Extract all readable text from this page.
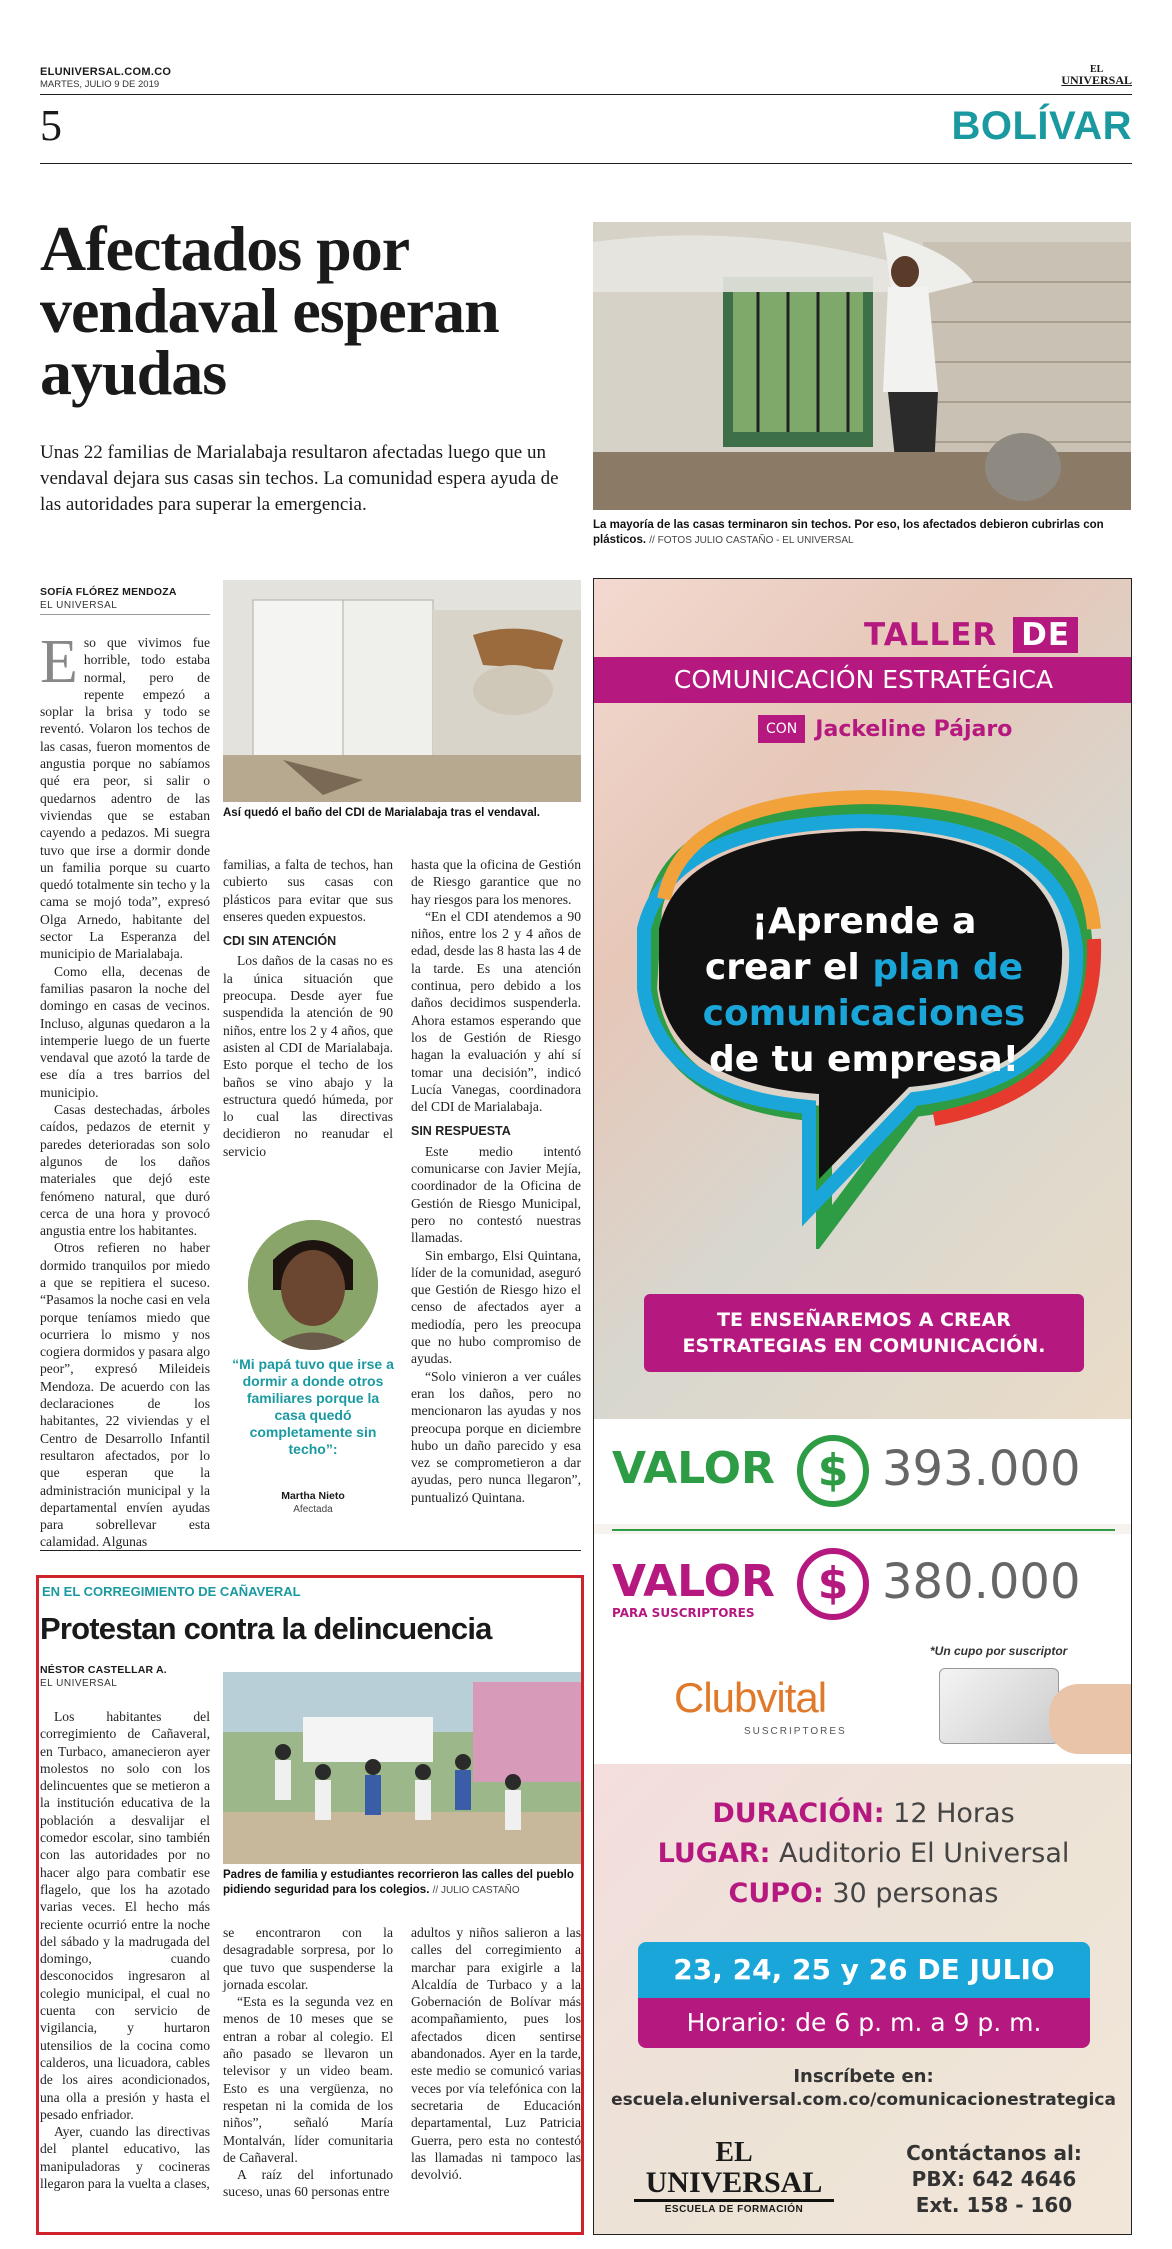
ELUNIVERSAL.COM.CO
MARTES, JULIO 9 DE 2019
EL
UNIVERSAL
5	BOLÍVAR
Afectados por vendaval esperan ayudas
Unas 22 familias de Marialabaja resultaron afectadas luego que un vendaval dejara sus casas sin techos. La comunidad espera ayuda de las autoridades para superar la emergencia.
La mayoría de las casas terminaron sin techos. Por eso, los afectados debieron cubrirlas con plásticos. // FOTOS JULIO CASTAÑO - EL UNIVERSAL
SOFÍA FLÓREZ MENDOZA
EL UNIVERSAL
E so que vivimos fue horrible, todo estaba normal, pero de repente empezó a soplar la brisa y todo se reventó. Volaron los techos de las casas, fueron momentos de angustia porque no sabíamos qué era peor, si salir o quedarnos adentro de las viviendas que se estaban cayendo a pedazos. Mi suegra tuvo que irse a dormir donde un familia porque su cuarto quedó totalmente sin techo y la cama se mojó toda”, expresó Olga Arnedo, habitante del sector La Esperanza del municipio de Marialabaja.

Como ella, decenas de familias pasaron la noche del domingo en casas de vecinos. Incluso, algunas quedaron a la intemperie luego de un fuerte vendaval que azotó la tarde de ese día a tres barrios del municipio.

Casas destechadas, árboles caídos, pedazos de eternit y paredes deterioradas son solo algunos de los daños materiales que dejó este fenómeno natural, que duró cerca de una hora y provocó angustia entre los habitantes.

Otros refieren no haber dormido tranquilos por miedo a que se repitiera el suceso. “Pasamos la noche casi en vela porque teníamos miedo que ocurriera lo mismo y nos cogiera dormidos y pasara algo peor”, expresó Mileideis Mendoza. De acuerdo con las declaraciones de los habitantes, 22 viviendas y el Centro de Desarrollo Infantil resultaron afectados, por lo que esperan que la administración municipal y la departamental envíen ayudas para sobrellevar esta calamidad. Algunas

Así quedó el baño del CDI de Marialabaja tras el vendaval.
familias, a falta de techos, han cubierto sus casas con plásticos para evitar que sus enseres queden expuestos.
CDI SIN ATENCIÓN

Los daños de la casas no es la única situación que preocupa. Desde ayer fue suspendida la atención de 90 niños, entre los 2 y 4 años, que asisten al CDI de Marialabaja. Esto porque el techo de los baños se vino abajo y la estructura quedó húmeda, por lo cual las directivas decidieron no reanudar el servicio

hasta que la oficina de Gestión de Riesgo garantice que no hay riesgos para los menores.

“En el CDI atendemos a 90 niños, entre los 2 y 4 años de edad, desde las 8 hasta las 4 de la tarde. Es una atención continua, pero debido a los daños decidimos suspenderla. Ahora estamos esperando que los de Gestión de Riesgo hagan la evaluación y ahí sí tomar una decisión”, indicó Lucía Vanegas, coordinadora del CDI de Marialabaja.

SIN RESPUESTA

Este medio intentó comunicarse con Javier Mejía, coordinador de la Oficina de Gestión de Riesgo Municipal, pero no contestó nuestras llamadas.

Sin embargo, Elsi Quintana, líder de la comunidad, aseguró que Gestión de Riesgo hizo el censo de afectados ayer a mediodía, pero les preocupa que no hubo compromiso de ayudas.

“Solo vinieron a ver cuáles eran los daños, pero no mencionaron las ayudas y nos preocupa porque en diciembre hubo un daño parecido y esa vez se comprometieron a dar ayudas, pero nunca llegaron”, puntualizó Quintana.

“Mi papá tuvo que irse a dormir a donde otros familiares porque la casa quedó completamente sin techo”:
Martha Nieto
Afectada
EN EL CORREGIMIENTO DE CAÑAVERAL
Protestan contra la delincuencia
NÉSTOR CASTELLAR A.
EL UNIVERSAL

Los habitantes del corregimiento de Cañaveral, en Turbaco, amanecieron ayer molestos no solo con los delincuentes que se metieron a la institución educativa de la población a desvalijar el comedor escolar, sino también con las autoridades por no hacer algo para combatir ese flagelo, que los ha azotado varias veces. El hecho más reciente ocurrió entre la noche del sábado y la madrugada del domingo, cuando desconocidos ingresaron al colegio municipal, el cual no cuenta con servicio de vigilancia, y hurtaron utensilios de la cocina como calderos, una licuadora, cables de los aires acondicionados, una olla a presión y hasta el pesado enfriador.

Ayer, cuando las directivas del plantel educativo, las manipuladoras y cocineras llegaron para la vuelta a clases,

Padres de familia y estudiantes recorrieron las calles del pueblo pidiendo seguridad para los colegios. // JULIO CASTAÑO
se encontraron con la desagradable sorpresa, por lo que tuvo que suspenderse la jornada escolar.

“Esta es la segunda vez en menos de 10 meses que se entran a robar al colegio. El año pasado se llevaron un televisor y un video beam. Esto es una vergüenza, no respetan ni la comida de los niños”, señaló María Montalván, líder comunitaria de Cañaveral.

A raíz del infortunado suceso, unas 60 personas entre

adultos y niños salieron a las calles del corregimiento a marchar para exigirle a la Alcaldía de Turbaco y a la Gobernación de Bolívar más acompañamiento, pues los afectados dicen sentirse abandonados. Ayer en la tarde, este medio se comunicó varias veces por vía telefónica con la secretaria de Educación departamental, Luz Patricia Guerra, pero esta no contestó las llamadas ni tampoco las devolvió.
TALLER DE
COMUNICACIÓN ESTRATÉGICA
CON Jackeline Pájaro
¡Aprende a
crear el plan de
comunicaciones
de tu empresa!
TE ENSEÑAREMOS A CREAR ESTRATEGIAS EN COMUNICACIÓN.
VALOR $ 393.000
VALOR
PARA SUSCRIPTORES
$ 380.000
*Un cupo por suscriptor
Clubvital
SUSCRIPTORES
DURACIÓN: 12 Horas
LUGAR: Auditorio El Universal
CUPO: 30 personas
23, 24, 25 y 26 DE JULIO
Horario: de 6 p. m. a 9 p. m.
Inscríbete en:
escuela.eluniversal.com.co/comunicacionestrategica
EL
UNIVERSAL
ESCUELA DE FORMACIÓN
Contáctanos al:
PBX: 642 4646
Ext. 158 - 160
